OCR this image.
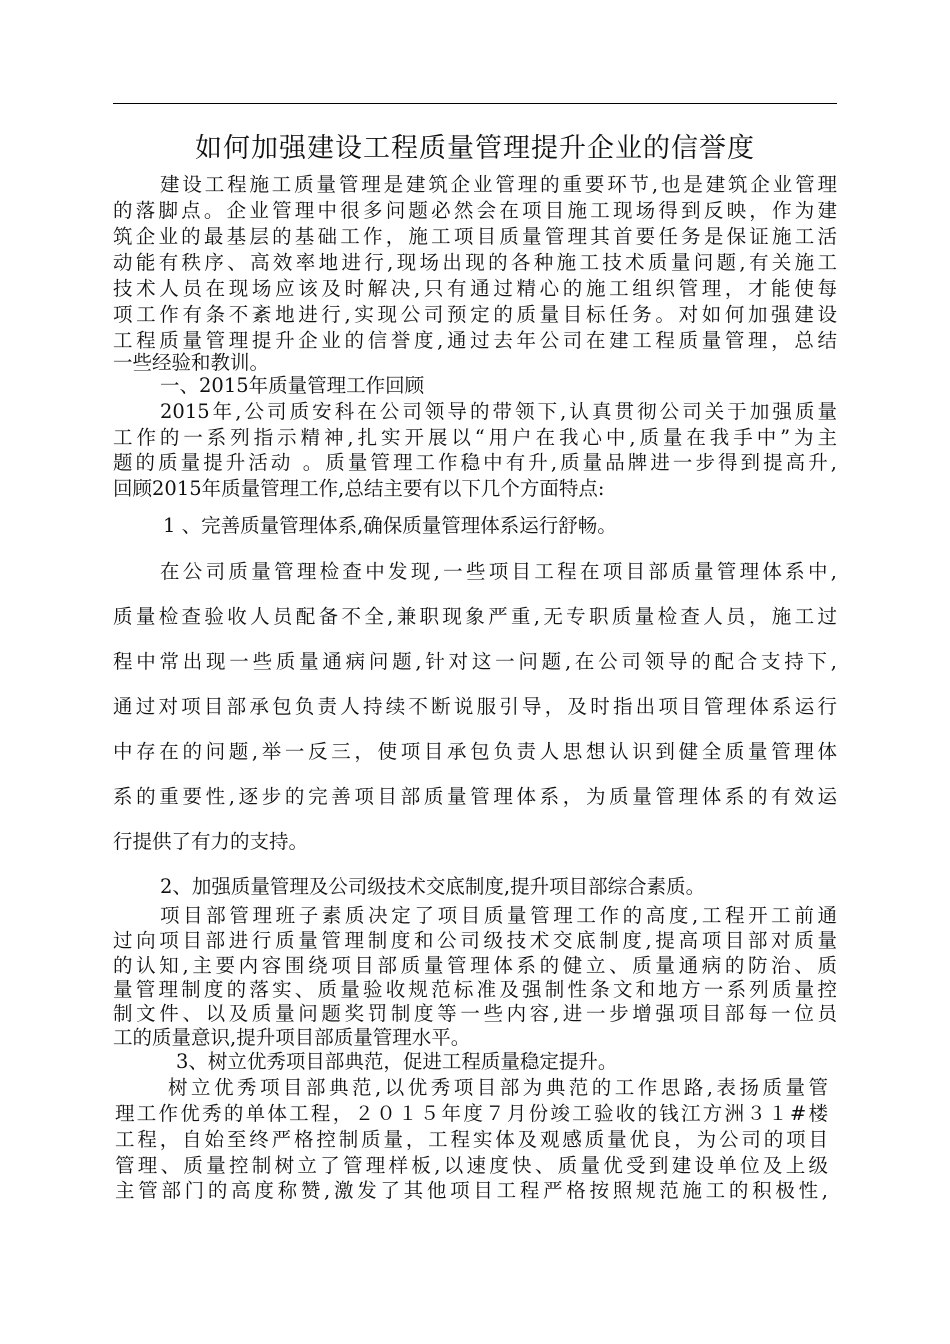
如何加强建设工程质量管理提升企业的信誉度
建设工程施工质量管理是建筑企业管理的重要环节,也是建筑企业管理
的落脚点。企业管理中很多问题必然会在项目施工现场得到反映，作为建
筑企业的最基层的基础工作，施工项目质量管理其首要任务是保证施工活
动能有秩序、高效率地进行,现场出现的各种施工技术质量问题,有关施工
技术人员在现场应该及时解决,只有通过精心的施工组织管理，才能使每
项工作有条不紊地进行,实现公司预定的质量目标任务。对如何加强建设
工程质量管理提升企业的信誉度,通过去年公司在建工程质量管理，总结
一些经验和教训。
一、2015年质量管理工作回顾
2015年,公司质安科在公司领导的带领下,认真贯彻公司关于加强质量
工作的一系列指示精神,扎实开展以“用户在我心中,质量在我手中”为主
题的质量提升活动 。质量管理工作稳中有升,质量品牌进一步得到提高升,
回顾2015年质量管理工作,总结主要有以下几个方面特点:
1 、完善质量管理体系,确保质量管理体系运行舒畅。
在公司质量管理检查中发现,一些项目工程在项目部质量管理体系中,
质量检查验收人员配备不全,兼职现象严重,无专职质量检查人员，施工过
程中常出现一些质量通病问题,针对这一问题,在公司领导的配合支持下,
通过对项目部承包负责人持续不断说服引导，及时指出项目管理体系运行
中存在的问题,举一反三，使项目承包负责人思想认识到健全质量管理体
系的重要性,逐步的完善项目部质量管理体系，为质量管理体系的有效运
行提供了有力的支持。
2、加强质量管理及公司级技术交底制度,提升项目部综合素质。
项目部管理班子素质决定了项目质量管理工作的高度,工程开工前通
过向项目部进行质量管理制度和公司级技术交底制度,提高项目部对质量
的认知,主要内容围绕项目部质量管理体系的健立、质量通病的防治、质
量管理制度的落实、质量验收规范标准及强制性条文和地方一系列质量控
制文件、以及质量问题奖罚制度等一些内容,进一步增强项目部每一位员
工的质量意识,提升项目部质量管理水平。
3、树立优秀项目部典范，促进工程质量稳定提升。
树立优秀项目部典范,以优秀项目部为典范的工作思路,表扬质量管
理工作优秀的单体工程，２０１５年度７月份竣工验收的钱江方洲３１#楼
工程，自始至终严格控制质量，工程实体及观感质量优良，为公司的项目
管理、质量控制树立了管理样板,以速度快、质量优受到建设单位及上级
主管部门的高度称赞,激发了其他项目工程严格按照规范施工的积极性,
